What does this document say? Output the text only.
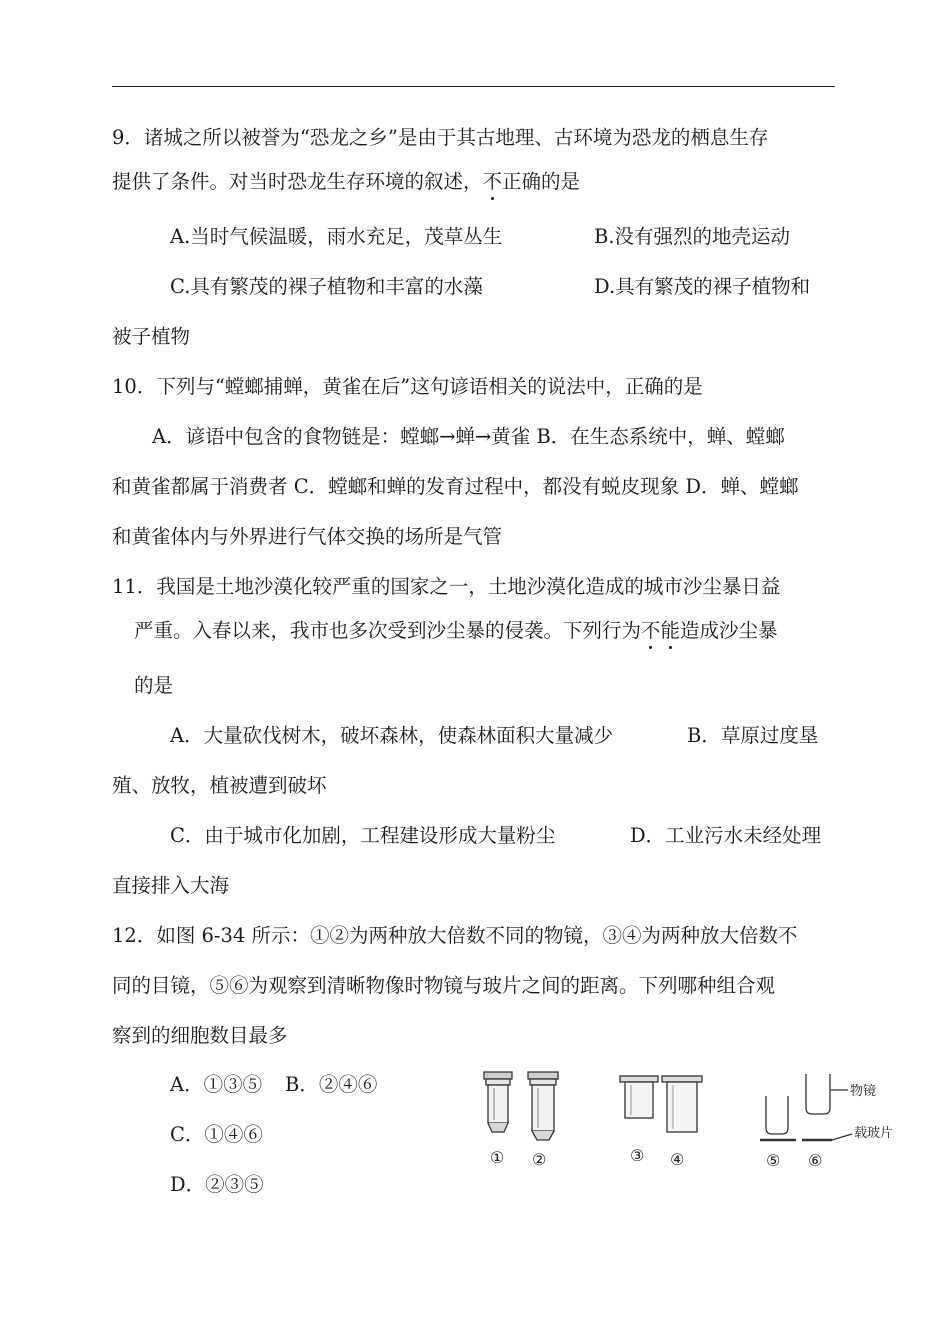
9．诸城之所以被誉为“恐龙之乡”是由于其古地理、古环境为恐龙的栖息生存
提供了条件。对当时恐龙生存环境的叙述，不正确的是
A.当时气候温暖，雨水充足，茂草丛生	B.没有强烈的地壳运动
C.具有繁茂的裸子植物和丰富的水藻	D.具有繁茂的裸子植物和
被子植物
10．下列与“螳螂捕蝉，黄雀在后”这句谚语相关的说法中，正确的是
A．谚语中包含的食物链是：螳螂→蝉→黄雀 B．在生态系统中，蝉、螳螂
和黄雀都属于消费者 C．螳螂和蝉的发育过程中，都没有蜕皮现象 D．蝉、螳螂
和黄雀体内与外界进行气体交换的场所是气管
11．我国是土地沙漠化较严重的国家之一，土地沙漠化造成的城市沙尘暴日益
严重。入春以来，我市也多次受到沙尘暴的侵袭。下列行为不能造成沙尘暴
的是
A．大量砍伐树木，破坏森林，使森林面积大量减少	B．草原过度垦
殖、放牧，植被遭到破坏
C．由于城市化加剧，工程建设形成大量粉尘	D．工业污水未经处理
直接排入大海
12．如图 6-34 所示：①②为两种放大倍数不同的物镜，③④为两种放大倍数不
同的目镜，⑤⑥为观察到清晰物像时物镜与玻片之间的距离。下列哪种组合观
察到的细胞数目最多
A．①③⑤ B．②④⑥
C．①④⑥
D．②③⑤
① ②	③ ④
物镜
载玻片
⑤ ⑥
